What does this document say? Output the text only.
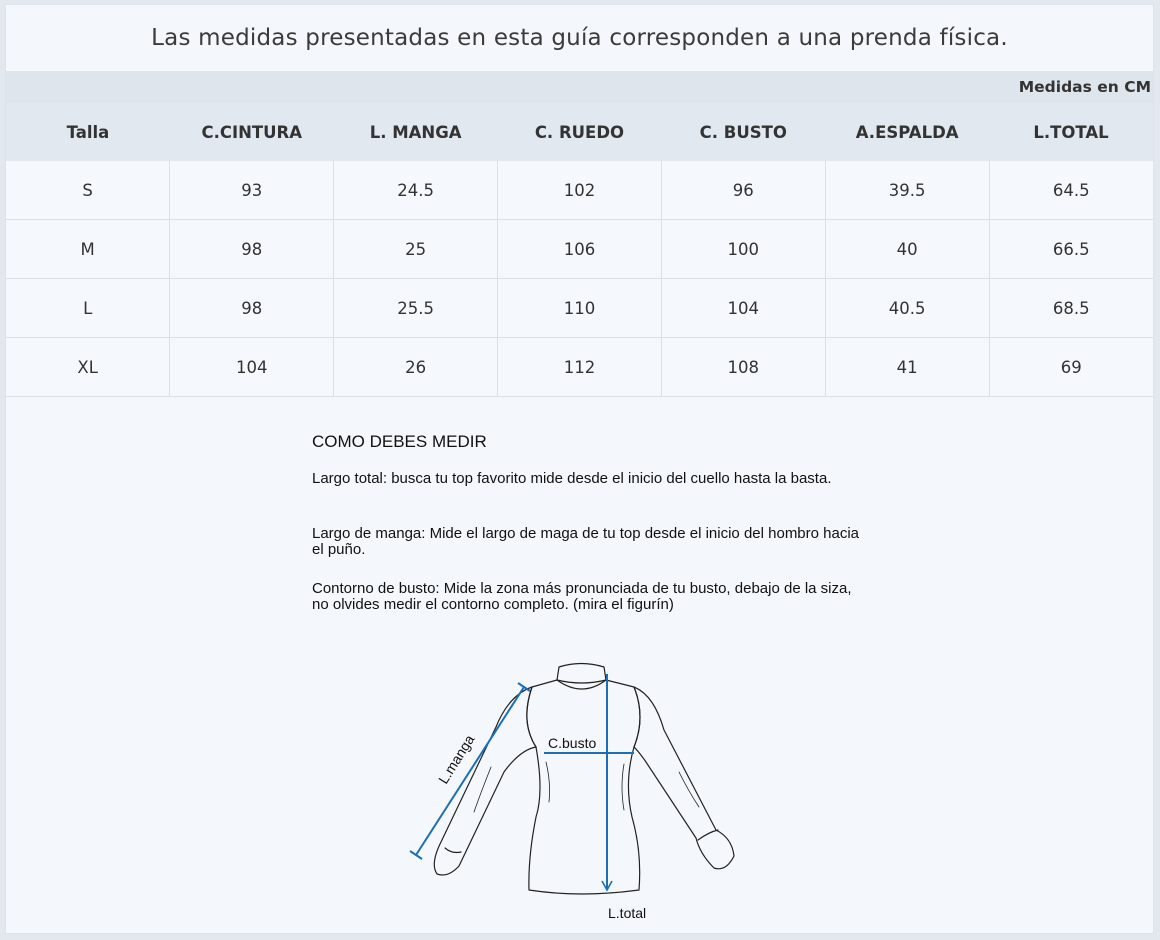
Las medidas presentadas en esta guía corresponden a una prenda física.
Medidas en CM
Talla	C.CINTURA	L. MANGA	C. RUEDO	C. BUSTO	A.ESPALDA	L.TOTAL
S	93	24.5	102	96	39.5	64.5
M	98	25	106	100	40	66.5
L	98	25.5	110	104	40.5	68.5
XL	104	26	112	108	41	69
COMO DEBES MEDIR
Largo total: busca tu top favorito mide desde el inicio del cuello hasta la basta.
Largo de manga: Mide el largo de maga de tu top desde el inicio del hombro hacia el puño.
Contorno de busto: Mide la zona más pronunciada de tu busto, debajo de la siza, no olvides medir el contorno completo. (mira el figurín)
C.busto
L.total
L.manga
